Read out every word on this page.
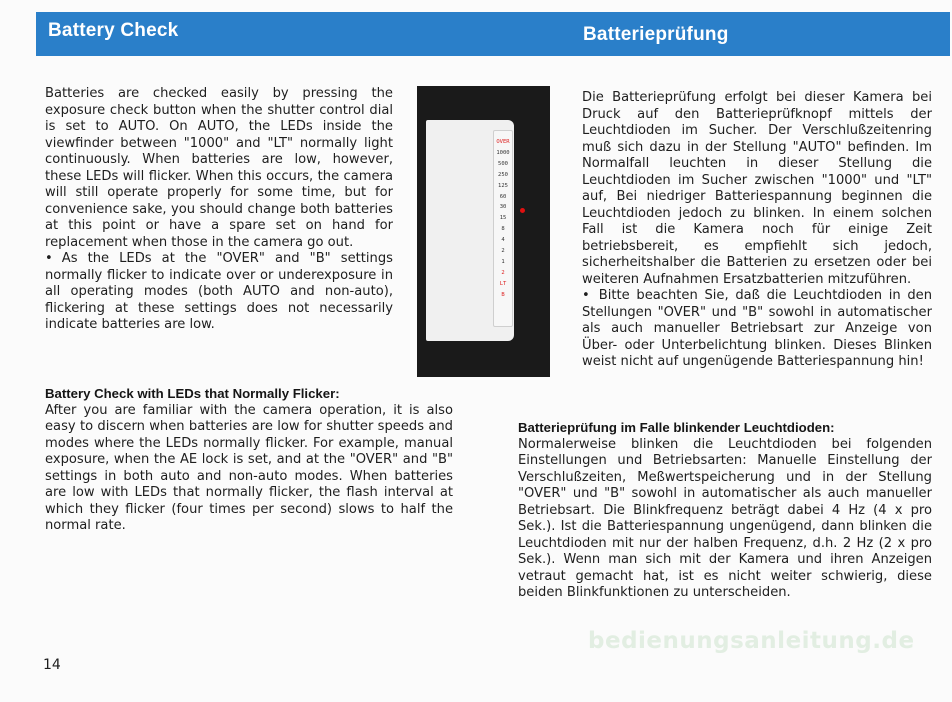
Battery Check	Batterieprüfung

Batteries are checked easily by pressing the exposure check button when the shutter control dial is set to AUTO. On AUTO, the LEDs inside the viewfinder between "1000" and "LT" normally light continuously. When batteries are low, however, these LEDs will flicker. When this occurs, the camera will still operate properly for some time, but for convenience sake, you should change both batteries at this point or have a spare set on hand for replacement when those in the camera go out.

• As the LEDs at the "OVER" and "B" settings normally flicker to indicate over or underexposure in all operating modes (both AUTO and non-auto), flickering at these settings does not necessarily indicate batteries are low.

Battery Check with LEDs that Normally Flicker:

After you are familiar with the camera operation, it is also easy to discern when batteries are low for shutter speeds and modes where the LEDs normally flicker. For example, manual exposure, when the AE lock is set, and at the "OVER" and "B" settings in both auto and non-auto modes. When batteries are low with LEDs that normally flicker, the flash interval at which they flicker (four times per second) slows to half the normal rate.

OVER
1000
500
250
125
60
30
15
8
4
2
1
2
LT
B

Die Batterieprüfung erfolgt bei dieser Kamera bei Druck auf den Batterieprüfknopf mittels der Leuchtdioden im Sucher. Der Verschlußzeitenring muß sich dazu in der Stellung "AUTO" befinden. Im Normalfall leuchten in dieser Stellung die Leuchtdioden im Sucher zwischen "1000" und "LT" auf, Bei niedriger Batteriespannung beginnen die Leuchtdioden jedoch zu blinken. In einem solchen Fall ist die Kamera noch für einige Zeit betriebsbereit, es empfiehlt sich jedoch, sicherheitshalber die Batterien zu ersetzen oder bei weiteren Aufnahmen Ersatzbatterien mitzuführen.

• Bitte beachten Sie, daß die Leuchtdioden in den Stellungen "OVER" und "B" sowohl in automatischer als auch manueller Betriebsart zur Anzeige von Über- oder Unterbelichtung blinken. Dieses Blinken weist nicht auf ungenügende Batteriespannung hin!

Batterieprüfung im Falle blinkender Leuchtdioden:

Normalerweise blinken die Leuchtdioden bei folgenden Einstellungen und Betriebsarten: Manuelle Einstellung der Verschlußzeiten, Meßwertspeicherung und in der Stellung "OVER" und "B" sowohl in automatischer als auch manueller Betriebsart. Die Blinkfrequenz beträgt dabei 4 Hz (4 x pro Sek.). Ist die Batteriespannung ungenügend, dann blinken die Leuchtdioden mit nur der halben Frequenz, d.h. 2 Hz (2 x pro Sek.). Wenn man sich mit der Kamera und ihren Anzeigen vetraut gemacht hat, ist es nicht weiter schwierig, diese beiden Blinkfunktionen zu unterscheiden.

bedienungsanleitung.de
14
